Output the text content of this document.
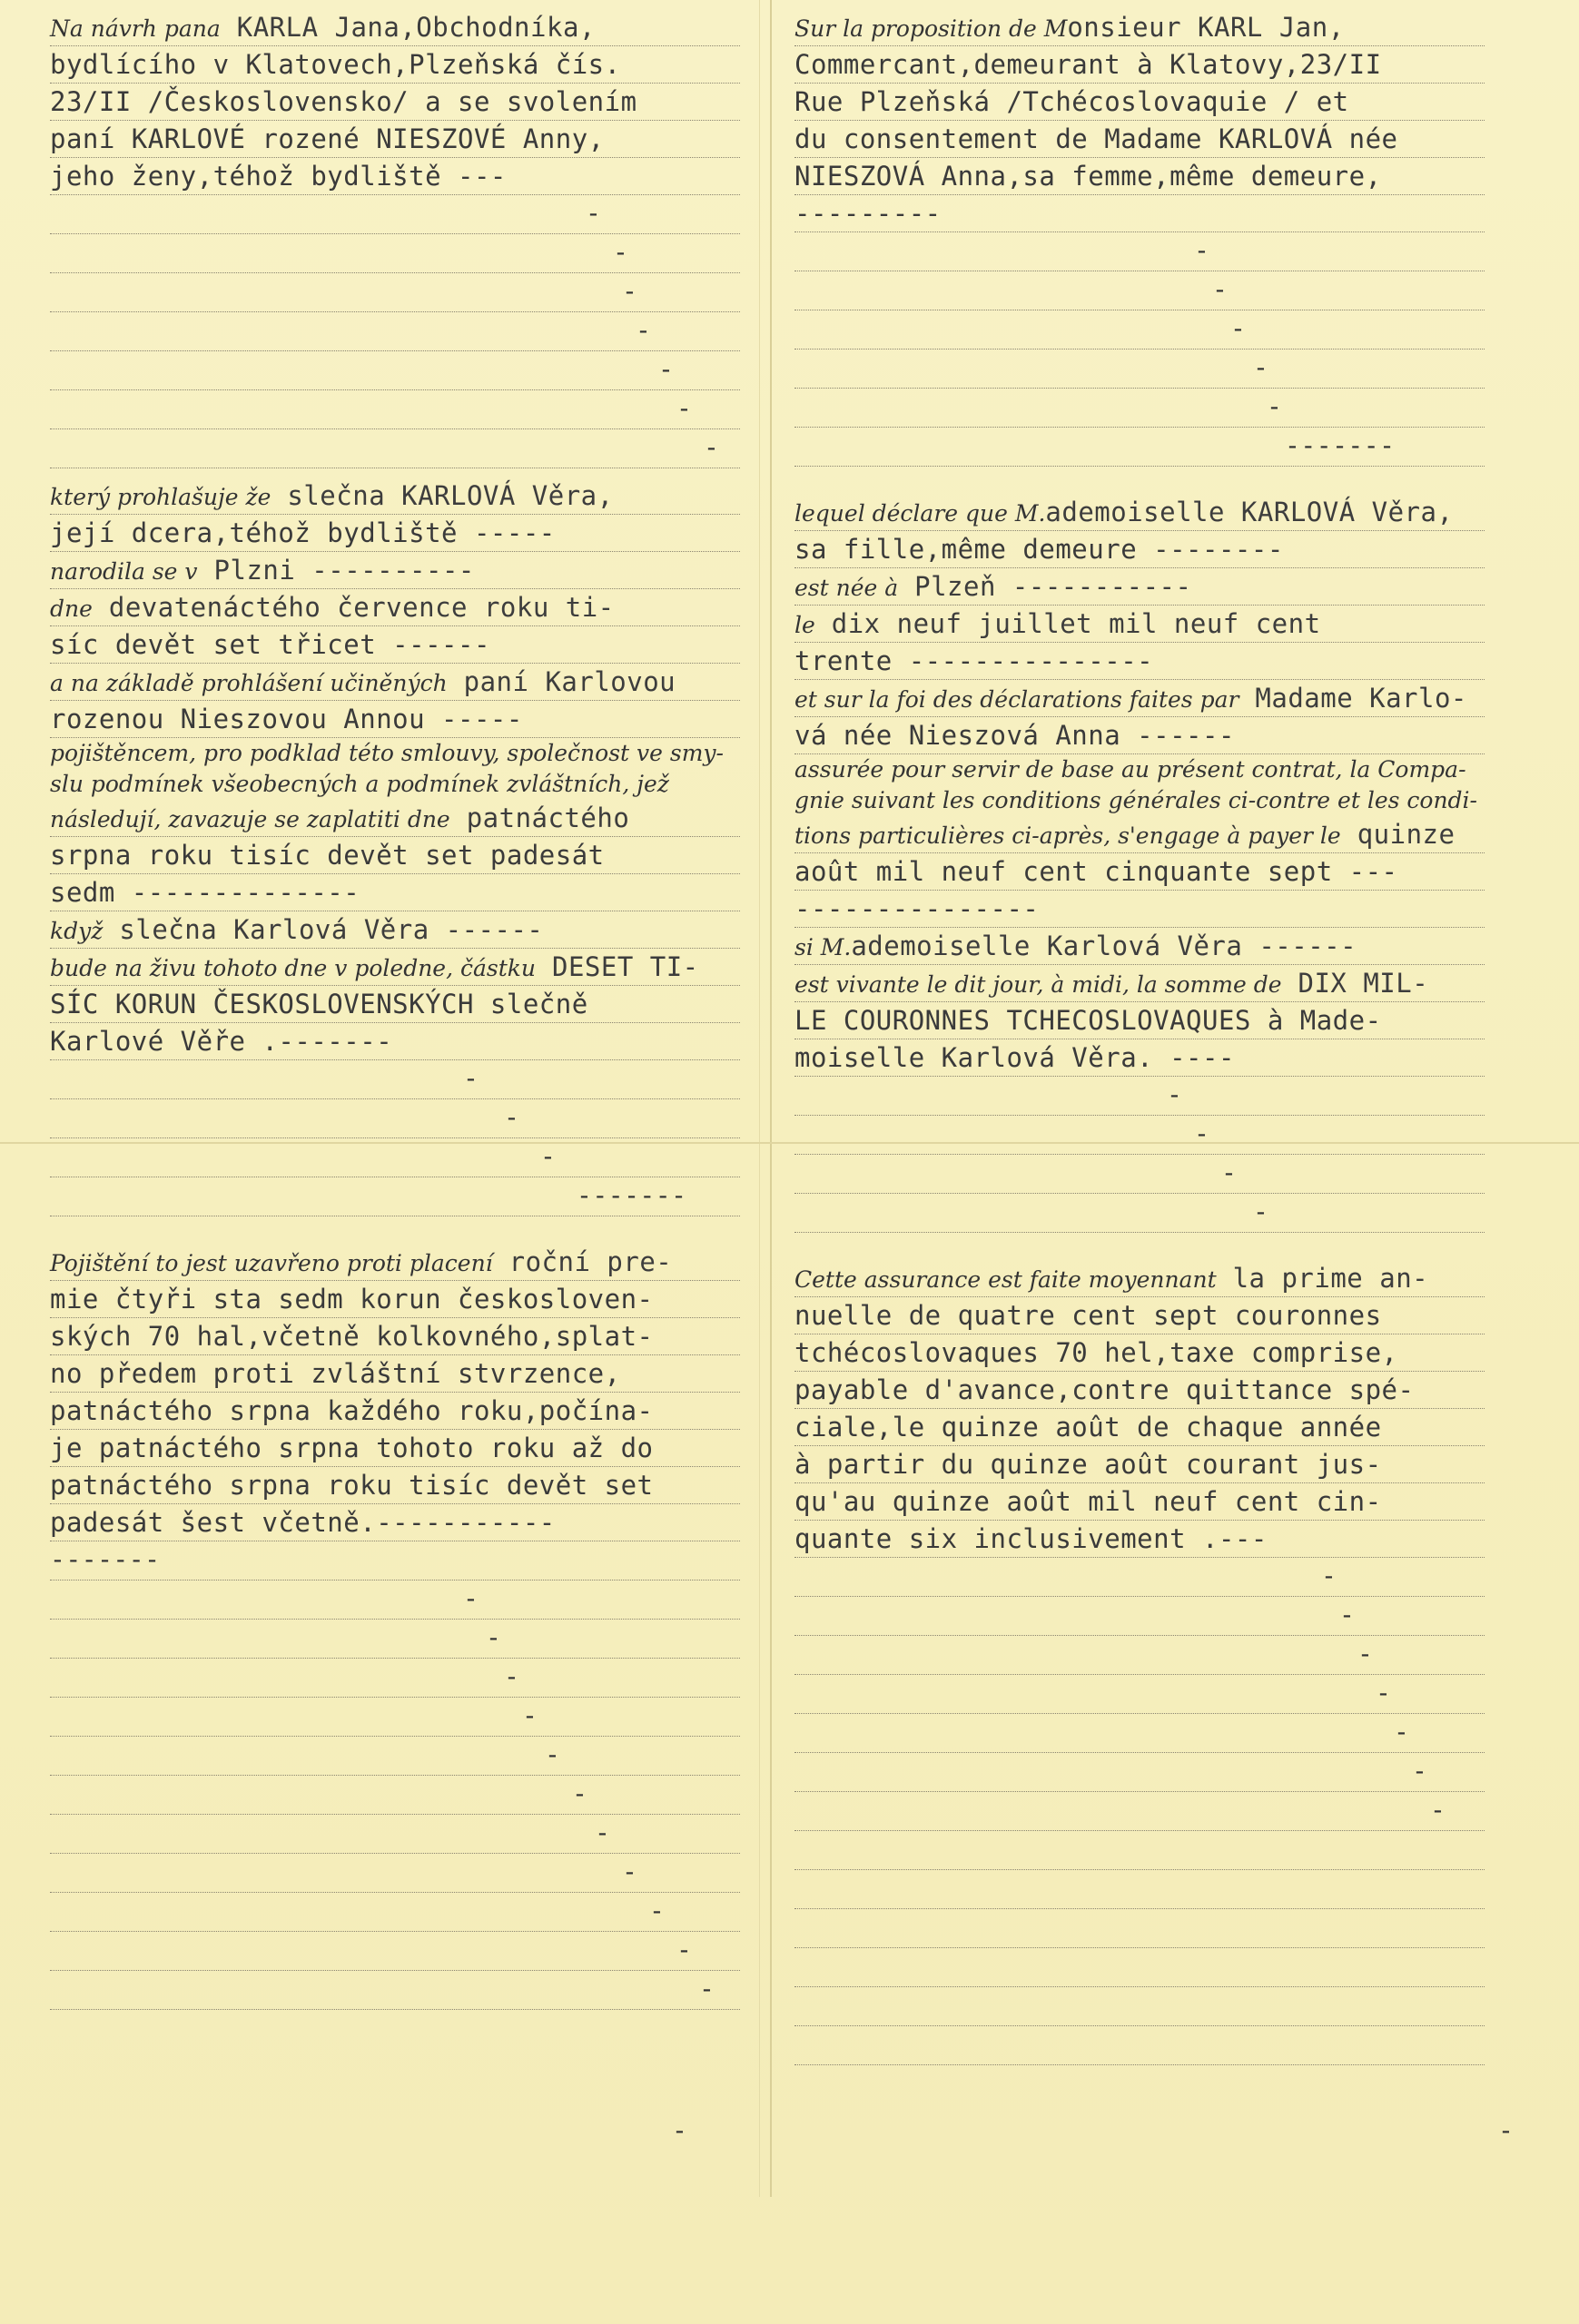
Na návrh pana KARLA Jana,Obchodníka,
bydlícího v Klatovech,Plzeňská čís.
23/II /Československo/ a se svolením
paní KARLOVÉ rozené NIESZOVÉ Anny,
jeho ženy,téhož bydliště ---
-
-
-
-
-
-
-
který prohlašuje že slečna KARLOVÁ Věra,
její dcera,téhož bydliště -----
narodila se v Plzni ----------
dne devatenáctého července roku ti-
síc devět set třicet ------
a na základě prohlášení učiněných paní Karlovou
rozenou Nieszovou Annou -----
pojištěncem, pro podklad této smlouvy, společnost ve smy-
slu podmínek všeobecných a podmínek zvláštních, jež
následují, zavazuje se zaplatiti dne patnáctého
srpna roku tisíc devět set padesát
sedm --------------
když slečna Karlová Věra ------
bude na živu tohoto dne v poledne, částku DESET TI-
SÍC KORUN ČESKOSLOVENSKÝCH slečně
Karlové Věře .-------
-
-
-
-------
Pojištění to jest uzavřeno proti placení roční pre-
mie čtyři sta sedm korun českosloven-
ských 70 hal,včetně kolkovného,splat-
no předem proti zvláštní stvrzence,
patnáctého srpna každého roku,počína-
je patnáctého srpna tohoto roku až do
patnáctého srpna roku tisíc devět set
padesát šest včetně.-----------
-------
-
-
-
-
-
-
-
-
-
-
-
Sur la proposition de Monsieur KARL Jan,
Commercant,demeurant à Klatovy,23/II
Rue Plzeňská /Tchécoslovaquie / et
du consentement de Madame KARLOVÁ née
NIESZOVÁ Anna,sa femme,même demeure,
---------
-
-
-
-
-
-------
lequel déclare que M.ademoiselle KARLOVÁ Věra,
sa fille,même demeure --------
est née à Plzeň -----------
le dix neuf juillet mil neuf cent
trente ---------------
et sur la foi des déclarations faites par Madame Karlo-
vá née Nieszová Anna ------
assurée pour servir de base au présent contrat, la Compa-
gnie suivant les conditions générales ci-contre et les condi-
tions particulières ci-après, s'engage à payer le quinze
août mil neuf cent cinquante sept ---
---------------
si M.ademoiselle Karlová Věra ------
est vivante le dit jour, à midi, la somme de DIX MIL-
LE COURONNES TCHECOSLOVAQUES à Made-
moiselle Karlová Věra. ----
-
-
-
-
Cette assurance est faite moyennant la prime an-
nuelle de quatre cent sept couronnes
tchécoslovaques 70 hel,taxe comprise,
payable d'avance,contre quittance spé-
ciale,le quinze août de chaque année
à partir du quinze août courant jus-
qu'au quinze août mil neuf cent cin-
quante six inclusivement .---
-
-
-
-
-
-
-
-
-
